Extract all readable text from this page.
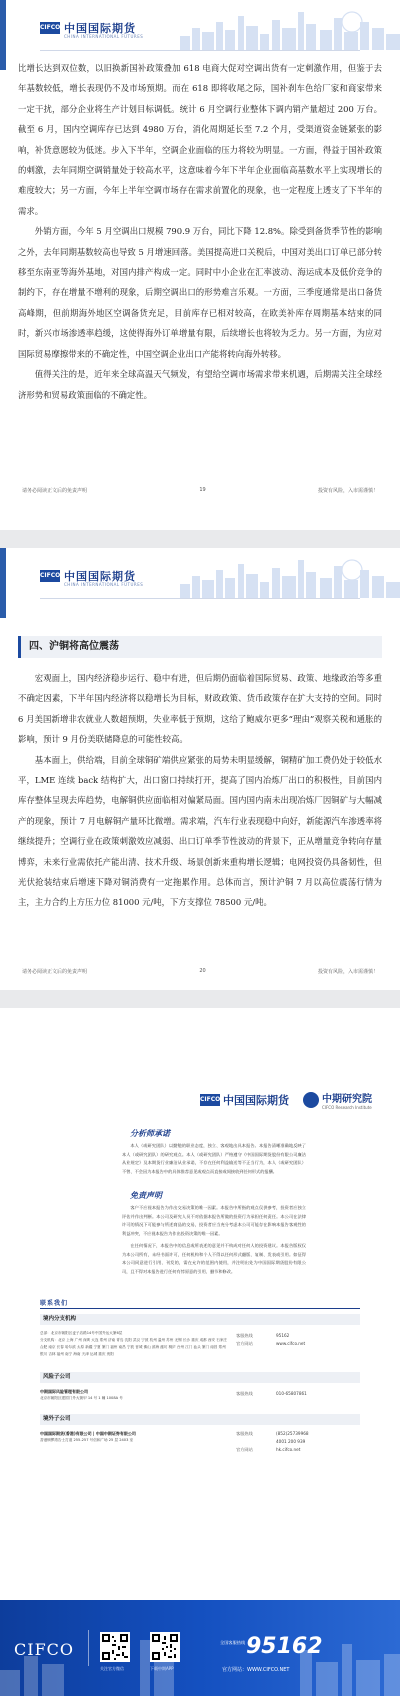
CIFCO 中国国际期货
CHINA INTERNATIONAL FUTURES

比增长达到双位数，以旧换新国补政策叠加 618 电商大促对空调出货有一定刺激作用，但鉴于去年基数较低，增长表现仍不及市场预期。而在 618 即将收尾之际，国补刹车色给厂家和商家带来一定干扰，部分企业将生产计划目标调低。统计 6 月空调行业整体下调内销产量超过 200 万台。截至 6 月，国内空调库存已达到 4980 万台，消化周期延长至 7.2 个月，受渠道资金链紧张的影响，补货意愿较为低迷。步入下半年，空调企业面临的压力将较为明显。一方面，得益于国补政策的刺激，去年同期空调销量处于较高水平，这意味着今年下半年企业面临高基数水平上实现增长的难度较大；另一方面，今年上半年空调市场存在需求前置化的现象，也一定程度上透支了下半年的需求。

外销方面，今年 5 月空调出口规模 790.9 万台，同比下降 12.8%。除受到备货季节性的影响之外，去年同期基数较高也导致 5 月增速回落。美国提高进口关税后，中国对美出口订单已部分转移至东南亚等海外基地，对国内排产构成一定。同时中小企业在汇率波动、海运成本及低价竞争的制约下，存在增量不增利的现象，后期空调出口的形势难言乐观。一方面，三季度通常是出口备货高峰期，但前期海外地区空调备货充足，目前库存已相对较高，在欧美补库存周期基本结束的同时，新兴市场渗透率趋缓，这使得海外订单增量有限，后续增长也将较为乏力。另一方面，为应对国际贸易摩擦带来的不确定性，中国空调企业出口产能将转向海外转移。

值得关注的是，近年来全球高温天气频发，有望给空调市场需求带来机遇，后期需关注全球经济形势和贸易政策面临的不确定性。

请务必阅读正文后的免责声明	19	投资有风险，入市需谨慎！
CIFCO 中国国际期货
CHINA INTERNATIONAL FUTURES
四、沪铜将高位震荡

宏观面上，国内经济稳步运行、稳中有进，但后期仍面临着国际贸易、政策、地缘政治等多重不确定因素，下半年国内经济将以稳增长为目标，财政政策、货币政策存在扩大支持的空间。同时 6 月美国新增非农就业人数超预期，失业率低于预期，这给了鲍威尔更多“理由”观察关税和通胀的影响，预计 9 月份美联储降息的可能性较高。

基本面上，供给端，目前全球铜矿端供应紧张的局势未明显缓解，铜精矿加工费仍处于较低水平，LME 连续 back 结构扩大，出口窗口持续打开，提高了国内冶炼厂出口的积极性，目前国内库存整体呈现去库趋势，电解铜供应面临相对偏紧局面。国内国内南未出现冶炼厂因铜矿与大幅减产的现象，预计 7 月电解铜产量环比微增。需求端，汽车行业表现稳中向好，新能源汽车渗透率将继续提升；空调行业在政策刺激效应减弱、出口订单季节性波动的背景下，正从增量竞争转向存量博弈，未来行业需依托产能出清、技术升级、场景创新来重构增长逻辑；电网投资仍具备韧性，但光伏抢装结束后增速下降对铜消费有一定拖累作用。总体而言，预计沪铜 7 月以高位震荡行情为主，主力合约上方压力位 81000 元/吨，下方支撑位 78500 元/吨。

请务必阅读正文后的免责声明	20	投资有风险，入市需谨慎！
CIFCO 中国国际期货	中期研究院
CIFCO Research Institute
分析师承诺
本人（或研究团队）以勤勉的职业态度，独立、客观地出具本报告。本报告清晰准确地反映了本人（或研究团队）的研究观点。本人（或研究团队）严格遵守《中国国际期货股份有限公司廉洁从业规定》及本期货行业廉洁从业承诺，不存在任何利益输送等不正当行为，本人（或研究团队）不曾、不会因为本报告中的具体推荐意见或观点而直接或间接收到任何形式的报酬。
免责声明
客户不应视本报告为作出交易决策的唯一因素。本报告中所指的观点仅供参考，投资者应独立评估并作出判断。本公司及研究人员不对依据本报告所做的投资行为承担任何责任。本公司在法律许可的情况下可能参与所述商品的交易，投资者应当充分考虑本公司可能存在影响本报告客观性的利益冲突，不应视本报告为作出投资决策的唯一因素。
在任何情况下，本报告中的信息或所表述的意见并不构成对任何人的投资建议。本报告版权仅为本公司所有，未经书面许可，任何机构和个人不得以任何形式翻版、复制、发表或引用。如征得本公司同意进行引用、刊发的，需在允许的范围内使用，并注明出处为中国国际期货股份有限公司，且不得对本报告进行任何有悖原意的引用、删节和修改。
联系我们
境内分支机构
总部：北京市朝阳区麦子店路14号中国外运大厦6层
分支机构：北京 上海 广州 深圳 大连 郑州 济南 青岛 沈阳 武汉 宁波 杭州 温州 苏州 无锡 长沙 重庆 成都 西安 石家庄 合肥 南京 长春 哈尔滨 太原 新疆 宁夏 厦门 福州 南昌 宁波 晋城 佛山 滨海 潍坊 桐庐 台州 江门 汕头 厦门 南昌 郑州 银川 吉林 福州 南宁 海南 天津 运城 重庆 贵阳
客服热线	95162
官方网站	www.cifco.net
风险子公司
中期国际风险管理有限公司
北京市朝阳区建国门外大街甲 14 号 1 幢 1008A 号
客服热线	010-65807861
境外子公司
中国国际期货(香港)有限公司 | 中国中期证券有限公司
香港铜锣湾告士打道 255-257 号信和广场 25 层 2403 室
客服热线	(852)25739968
4001 200 939
官方网站	hk.cifco.net
CIFCO
关注官方微信	下载中期APP
全国客服热线 95162
官方网站：WWW.CIFCO.NET
